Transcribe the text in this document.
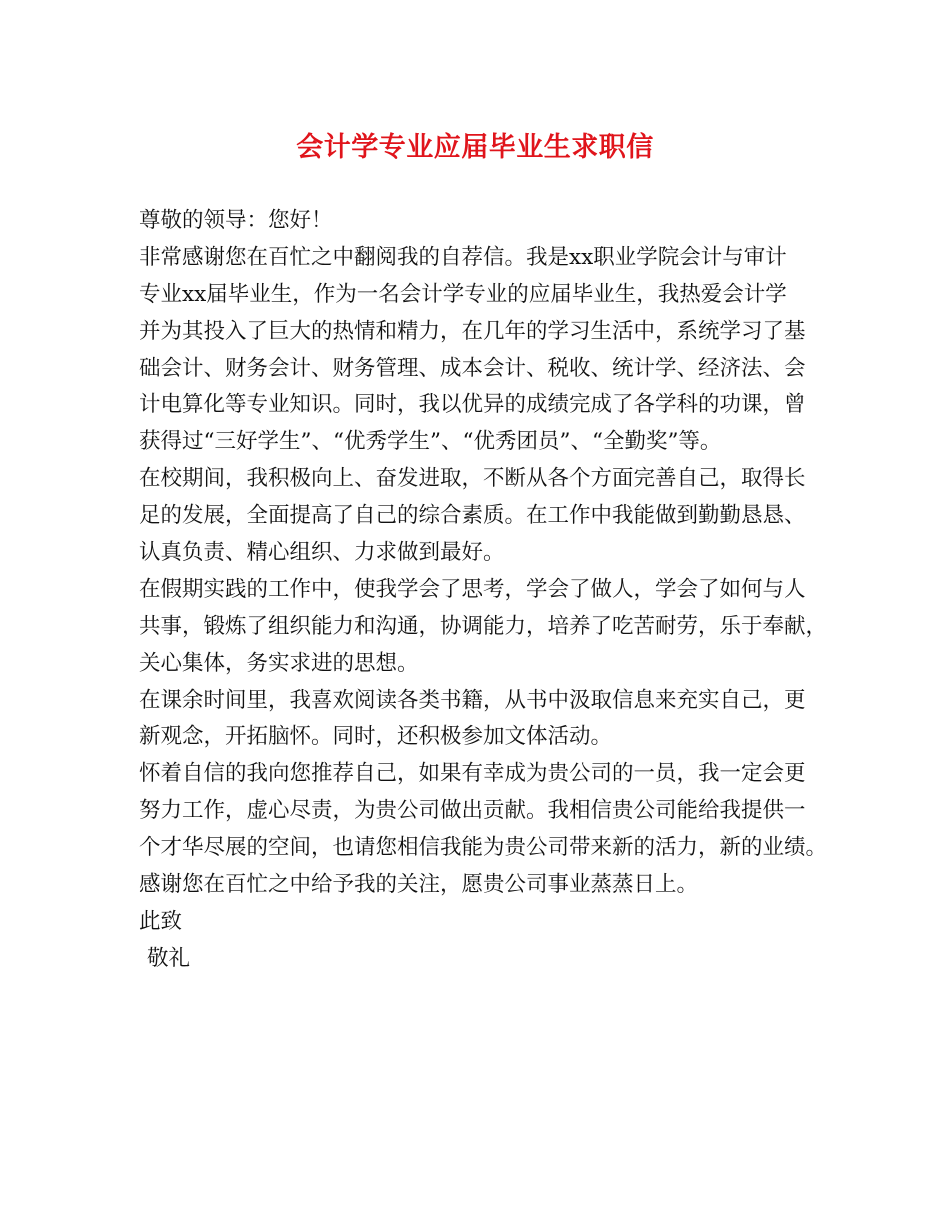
会计学专业应届毕业生求职信
尊敬的领导：您好！
非常感谢您在百忙之中翻阅我的自荐信。我是xx职业学院会计与审计
专业xx届毕业生，作为一名会计学专业的应届毕业生，我热爱会计学
并为其投入了巨大的热情和精力，在几年的学习生活中，系统学习了基
础会计、财务会计、财务管理、成本会计、税收、统计学、经济法、会
计电算化等专业知识。同时，我以优异的成绩完成了各学科的功课，曾
获得过“三好学生”、“优秀学生”、“优秀团员”、“全勤奖”等。
在校期间，我积极向上、奋发进取，不断从各个方面完善自己，取得长
足的发展，全面提高了自己的综合素质。在工作中我能做到勤勤恳恳、
认真负责、精心组织、力求做到最好。
在假期实践的工作中，使我学会了思考，学会了做人，学会了如何与人
共事，锻炼了组织能力和沟通，协调能力，培养了吃苦耐劳，乐于奉献，
关心集体，务实求进的思想。
在课余时间里，我喜欢阅读各类书籍，从书中汲取信息来充实自己，更
新观念，开拓脑怀。同时，还积极参加文体活动。
怀着自信的我向您推荐自己，如果有幸成为贵公司的一员，我一定会更
努力工作，虚心尽责，为贵公司做出贡献。我相信贵公司能给我提供一
个才华尽展的空间，也请您相信我能为贵公司带来新的活力，新的业绩。
感谢您在百忙之中给予我的关注，愿贵公司事业蒸蒸日上。
此致
敬礼
